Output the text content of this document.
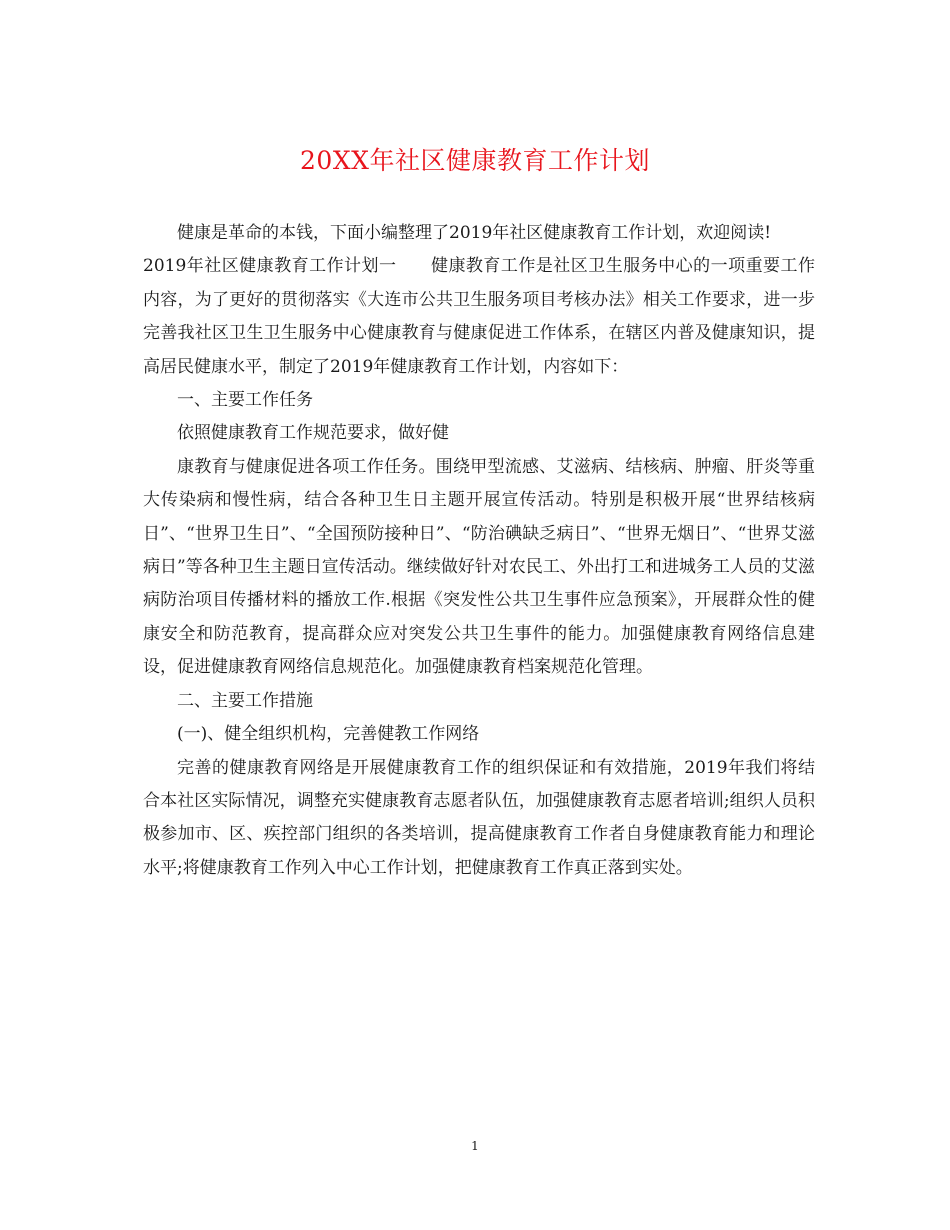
20XX年社区健康教育工作计划

健康是革命的本钱，下面小编整理了2019年社区健康教育工作计划，欢迎阅读!

2019年社区健康教育工作计划一 健康教育工作是社区卫生服务中心的一项重要工作内容，为了更好的贯彻落实《大连市公共卫生服务项目考核办法》相关工作要求，进一步完善我社区卫生卫生服务中心健康教育与健康促进工作体系，在辖区内普及健康知识，提高居民健康水平，制定了2019年健康教育工作计划，内容如下：

一、主要工作任务

依照健康教育工作规范要求，做好健

康教育与健康促进各项工作任务。围绕甲型流感、艾滋病、结核病、肿瘤、肝炎等重大传染病和慢性病，结合各种卫生日主题开展宣传活动。特别是积极开展“世界结核病日”、“世界卫生日”、“全国预防接种日”、“防治碘缺乏病日”、“世界无烟日”、“世界艾滋病日”等各种卫生主题日宣传活动。继续做好针对农民工、外出打工和进城务工人员的艾滋病防治项目传播材料的播放工作.根据《突发性公共卫生事件应急预案》，开展群众性的健康安全和防范教育，提高群众应对突发公共卫生事件的能力。加强健康教育网络信息建设，促进健康教育网络信息规范化。加强健康教育档案规范化管理。

二、主要工作措施

(一)、健全组织机构，完善健教工作网络

完善的健康教育网络是开展健康教育工作的组织保证和有效措施，2019年我们将结合本社区实际情况，调整充实健康教育志愿者队伍，加强健康教育志愿者培训;组织人员积极参加市、区、疾控部门组织的各类培训，提高健康教育工作者自身健康教育能力和理论水平;将健康教育工作列入中心工作计划，把健康教育工作真正落到实处。

1
